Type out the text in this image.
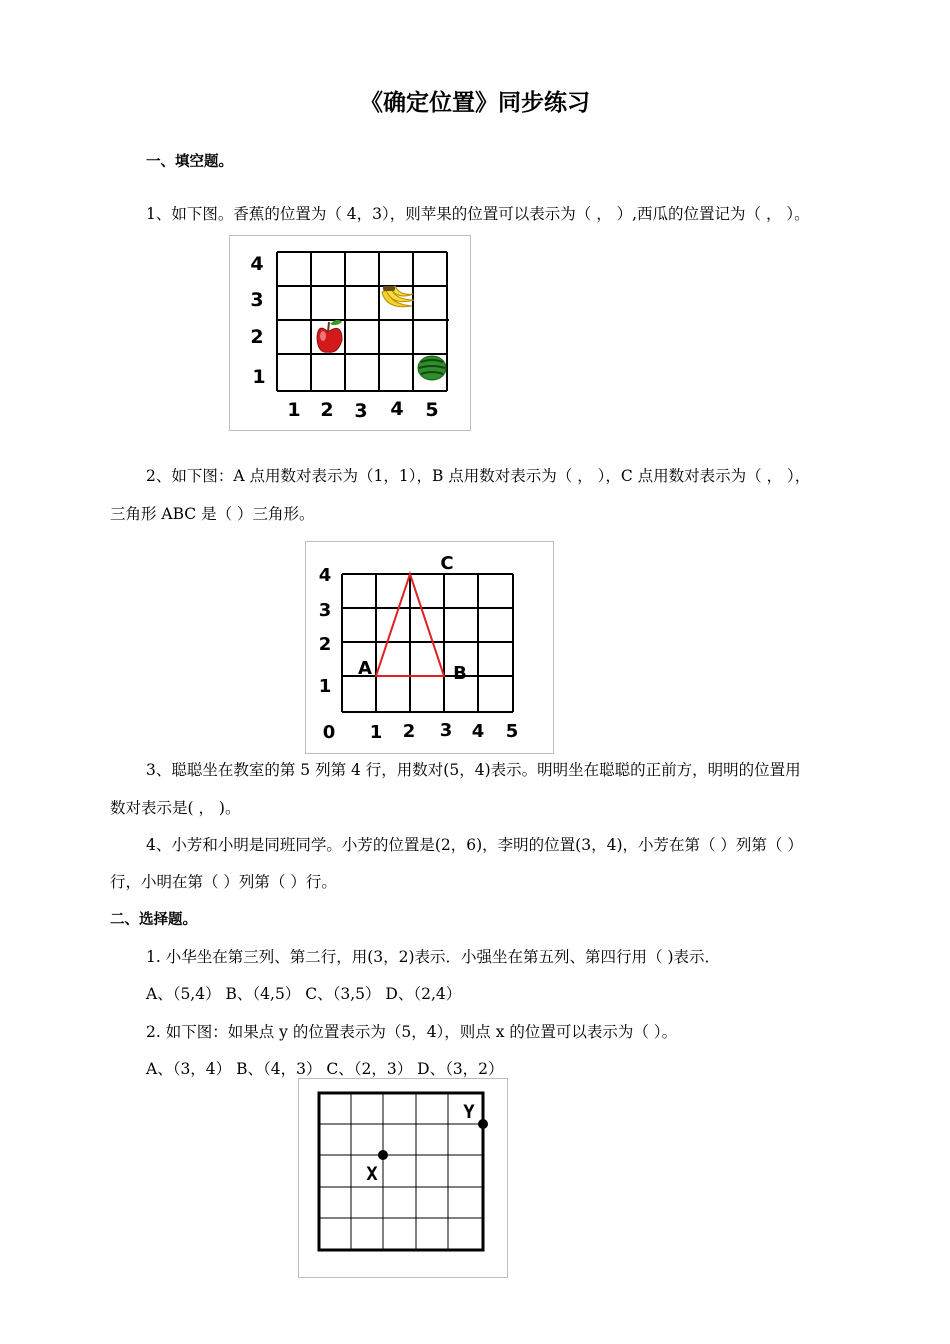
《确定位置》同步练习
一、填空题。
1、如下图。香蕉的位置为（ 4，3），则苹果的位置可以表示为（ ， ）,西瓜的位置记为（ ， ）。
4
3
2
1
1 2 3 4 5
2、如下图：A 点用数对表示为（1，1），B 点用数对表示为（ ， ），C 点用数对表示为（ ， ），
三角形 ABC 是（ ）三角形。
4
3
2
1
0 1 2 3 4 5
A	B
C
3、聪聪坐在教室的第 5 列第 4 行，用数对(5，4)表示。明明坐在聪聪的正前方，明明的位置用
数对表示是( ， )。
4、小芳和小明是同班同学。小芳的位置是(2，6)，李明的位置(3，4)，小芳在第（ ）列第（ ）
行，小明在第（ ）列第（ ）行。
二、选择题。
1. 小华坐在第三列、第二行，用(3，2)表示．小强坐在第五列、第四行用（ )表示．
A、（5,4） B、（4,5） C、（3,5） D、（2,4）
2. 如下图：如果点 y 的位置表示为（5，4），则点 x 的位置可以表示为（ ）。
A、（3，4） B、（4，3） C、（2，3） D、（3，2）
X
Y
